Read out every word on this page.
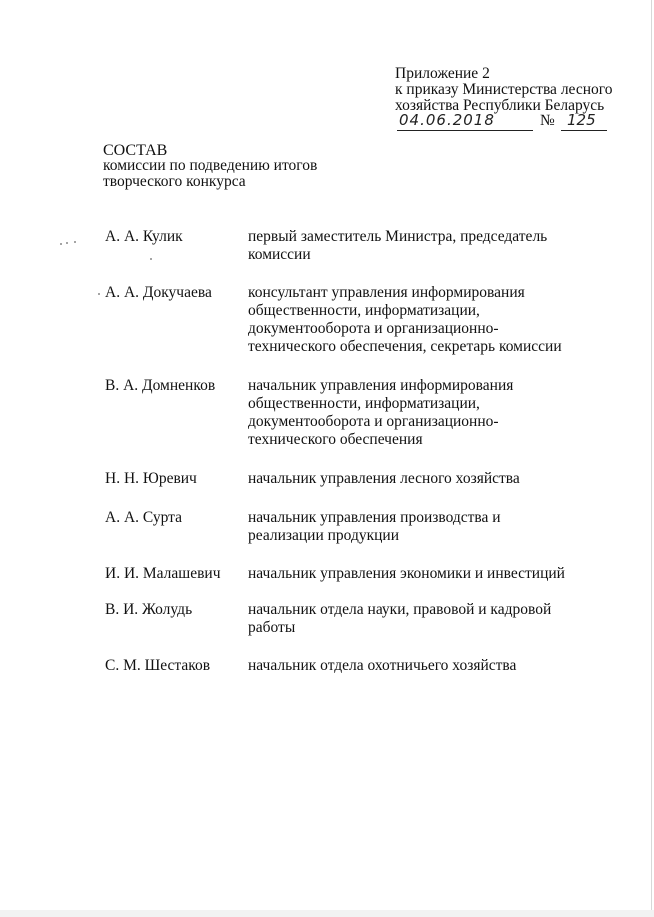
Приложение 2
к приказу Министерства лесного
хозяйства Республики Беларусь
04.06.2018	№ 125
СОСТАВ
комиссии по подведению итогов
творческого конкурса
А. А. Кулик	первый заместитель Министра, председатель
комиссии
А. А. Докучаева консультант управления информирования
общественности, информатизации,
документооборота и организационно-
технического обеспечения, секретарь комиссии
В. А. Домненков начальник управления информирования
общественности, информатизации,
документооборота и организационно-
технического обеспечения
Н. Н. Юревич	начальник управления лесного хозяйства
А. А. Сурта	начальник управления производства и
реализации продукции
И. И. Малашевич начальник управления экономики и инвестиций
В. И. Жолудь	начальник отдела науки, правовой и кадровой
работы
С. М. Шестаков начальник отдела охотничьего хозяйства
